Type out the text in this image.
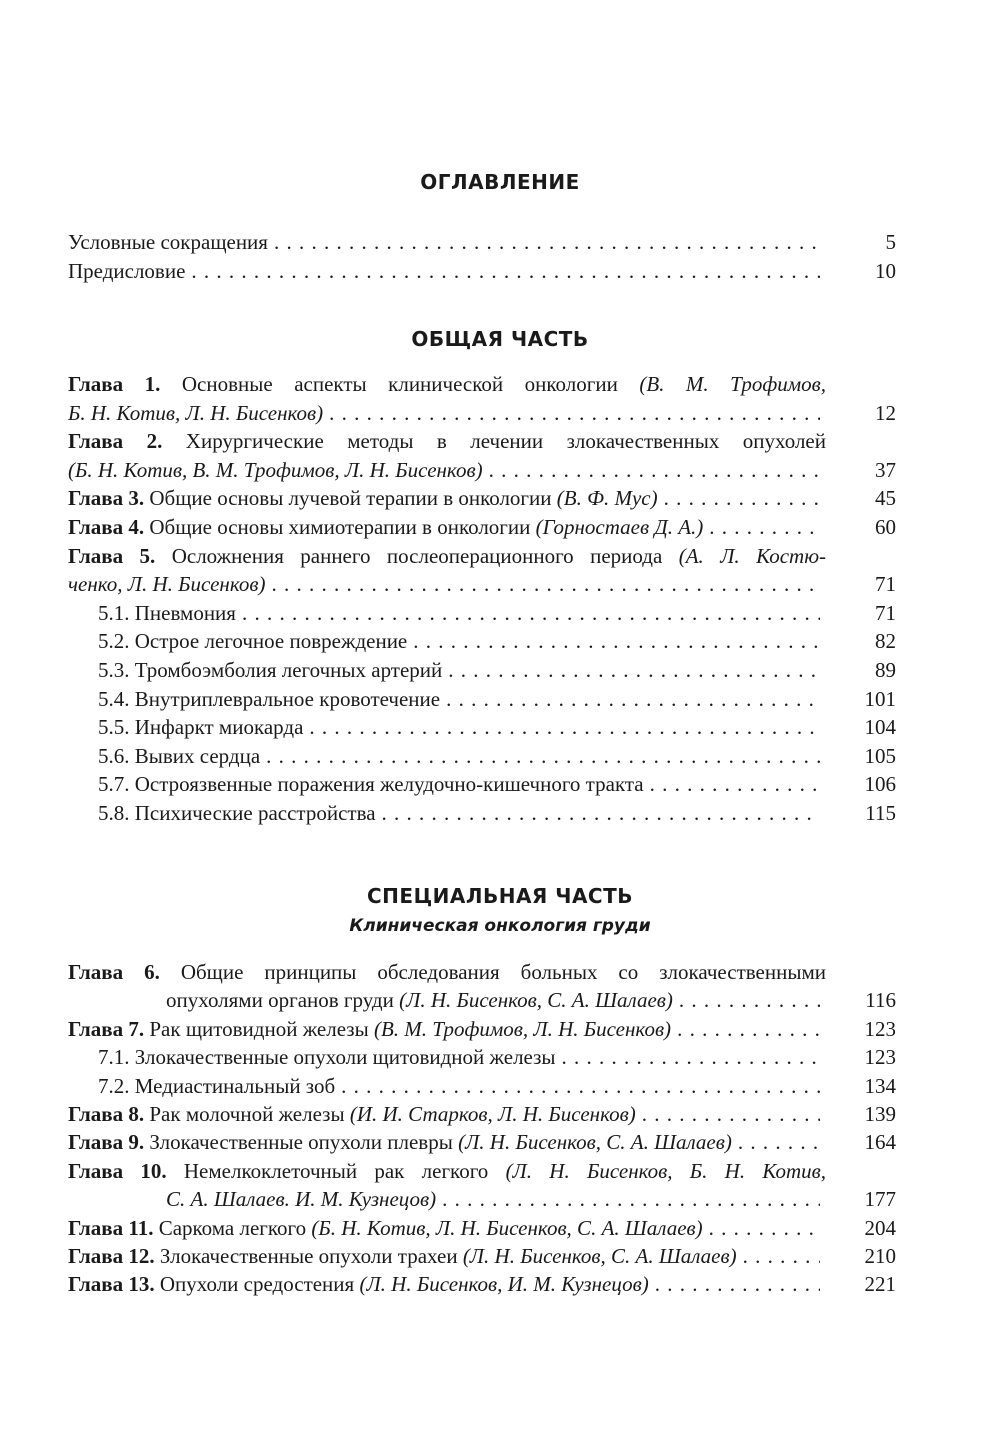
ОГЛАВЛЕНИЕ
Условные сокращения . . .	5
Предисловие . . .	10
ОБЩАЯ ЧАСТЬ
Глава 1. Основные аспекты клинической онкологии (В. М. Трофимов,
Б. Н. Котив, Л. Н. Бисенков) . . .	12
Глава 2. Хирургические методы в лечении злокачественных опухолей
(Б. Н. Котив, В. М. Трофимов, Л. Н. Бисенков) . . .	37
Глава 3.
Общие основы лучевой терапии в онкологии
(В. Ф. Мус) . . .	45
Глава 4.
Общие основы химиотерапии в онкологии
(Горностаев Д. А.) . . .	60
Глава 5. Осложнения раннего послеоперационного периода (А. Л. Костю-
ченко, Л. Н. Бисенков) . . .	71
5.1. Пневмония . . .	71
5.2. Острое легочное повреждение . . .	82
5.3. Тромбоэмболия легочных артерий . . .	89
5.4. Внутриплевральное кровотечение . . .	101
5.5. Инфаркт миокарда . . .	104
5.6. Вывих сердца . . .	105
5.7. Остроязвенные поражения желудочно-кишечного тракта . . .	106
5.8. Психические расстройства . . .	115
СПЕЦИАЛЬНАЯ ЧАСТЬ
Клиническая онкология груди
Глава 6. Общие принципы обследования больных со злокачественными
опухолями органов груди
(Л. Н. Бисенков, С. А. Шалаев) . . .	116
Глава 7.
Рак щитовидной железы
(В. М. Трофимов, Л. Н. Бисенков) . . .	123
7.1. Злокачественные опухоли щитовидной железы . . .	123
7.2. Медиастинальный зоб . . .	134
Глава 8.
Рак молочной железы
(И. И. Старков, Л. Н. Бисенков) . . .	139
Глава 9.
Злокачественные опухоли плевры
(Л. Н. Бисенков, С. А. Шалаев) . . .	164
Глава 10. Немелкоклеточный рак легкого (Л. Н. Бисенков, Б. Н. Котив,
С. А. Шалаев. И. М. Кузнецов) . . .	177
Глава 11.
Саркома легкого
(Б. Н. Котив, Л. Н. Бисенков, С. А. Шалаев) . . .	204
Глава 12.
Злокачественные опухоли трахеи
(Л. Н. Бисенков, С. А. Шалаев) . . .	210
Глава 13.
Опухоли средостения
(Л. Н. Бисенков, И. М. Кузнецов) . . .	221
